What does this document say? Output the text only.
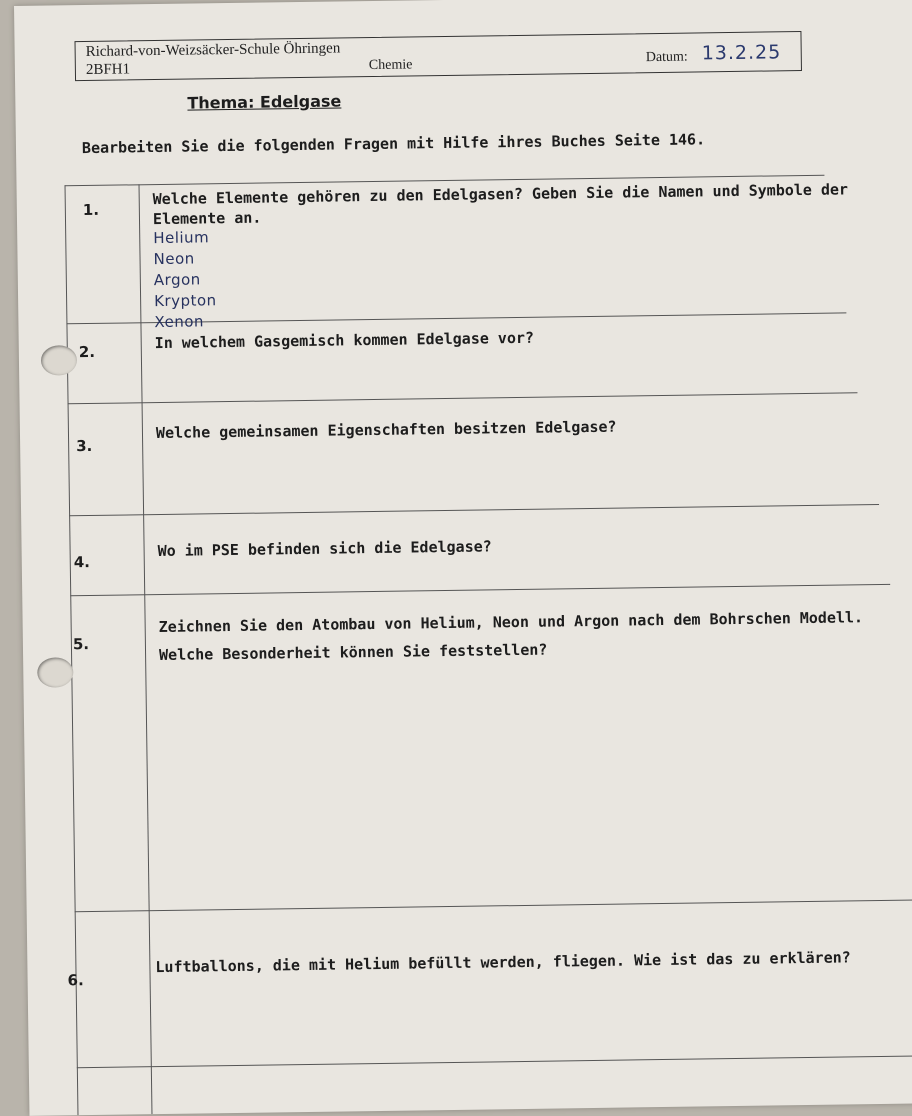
Richard-von-Weizsäcker-Schule Öhringen
2BFH1	Chemie
Datum: 13.2.25
Thema: Edelgase
Bearbeiten Sie die folgenden Fragen mit Hilfe ihres Buches Seite 146.
1.
Welche Elemente gehören zu den Edelgasen? Geben Sie die Namen und Symbole der
Elemente an.
Helium
Neon
Argon
Krypton
Xenon
2.	In welchem Gasgemisch kommen Edelgase vor?
3.
Welche gemeinsamen Eigenschaften besitzen Edelgase?
4.
Wo im PSE befinden sich die Edelgase?
5.
Zeichnen Sie den Atombau von Helium, Neon und Argon nach dem Bohrschen Modell.
Welche Besonderheit können Sie feststellen?
6.
Luftballons, die mit Helium befüllt werden, fliegen. Wie ist das zu erklären?
